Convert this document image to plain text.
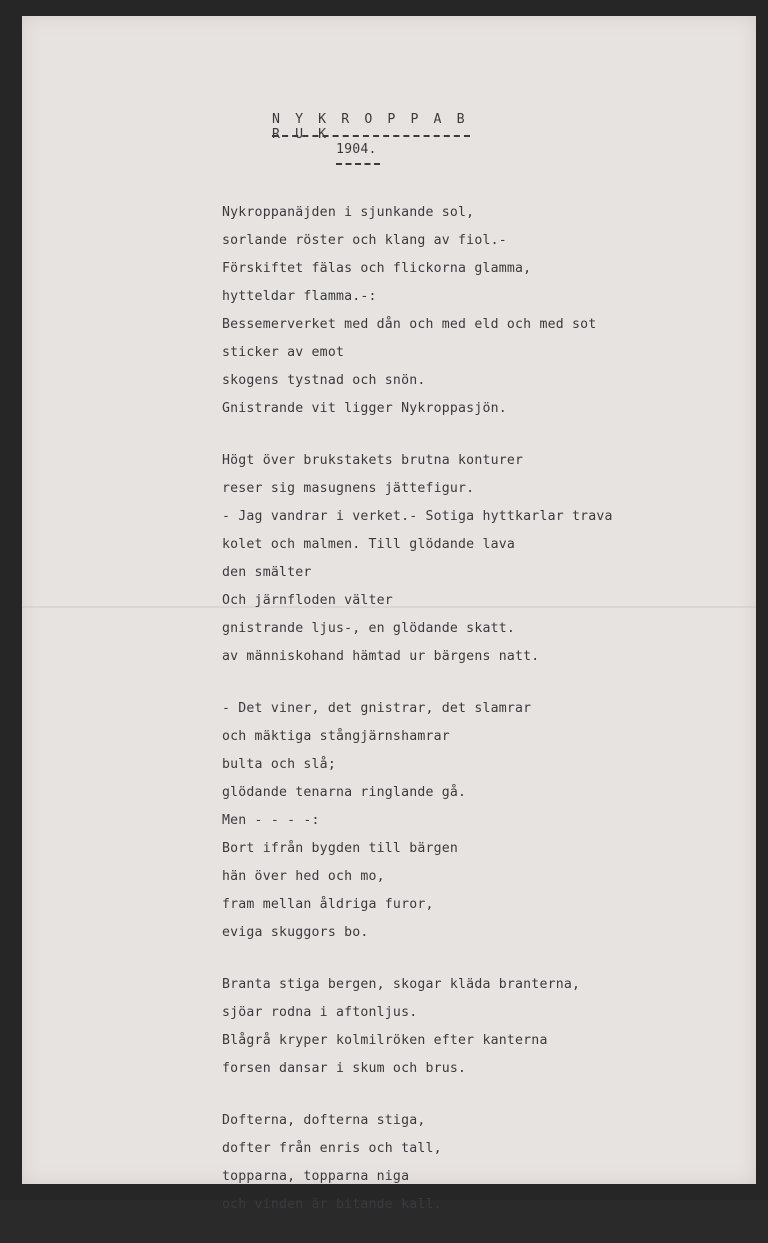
N Y K R O P P A B R U K
1904.
Nykroppanäjden i sjunkande sol,
sorlande röster och klang av fiol.-
Förskiftet fälas och flickorna glamma,
hytteldar flamma.-:
Bessemerverket med dån och med eld och med sot
sticker av emot
skogens tystnad och snön.
Gnistrande vit ligger Nykroppasjön.
Högt över brukstakets brutna konturer
reser sig masugnens jättefigur.
- Jag vandrar i verket.- Sotiga hyttkarlar trava
kolet och malmen. Till glödande lava
den smälter
Och järnfloden välter
gnistrande ljus-, en glödande skatt.
av människohand hämtad ur bärgens natt.
- Det viner, det gnistrar, det slamrar
och mäktiga stångjärnshamrar
bulta och slå;
glödande tenarna ringlande gå.
Men - - - -:
Bort ifrån bygden till bärgen
hän över hed och mo,
fram mellan åldriga furor,
eviga skuggors bo.
Branta stiga bergen, skogar kläda branterna,
sjöar rodna i aftonljus.
Blågrå kryper kolmilröken efter kanterna
forsen dansar i skum och brus.
Dofterna, dofterna stiga,
dofter från enris och tall,
topparna, topparna niga
och vinden är bitande kall.
